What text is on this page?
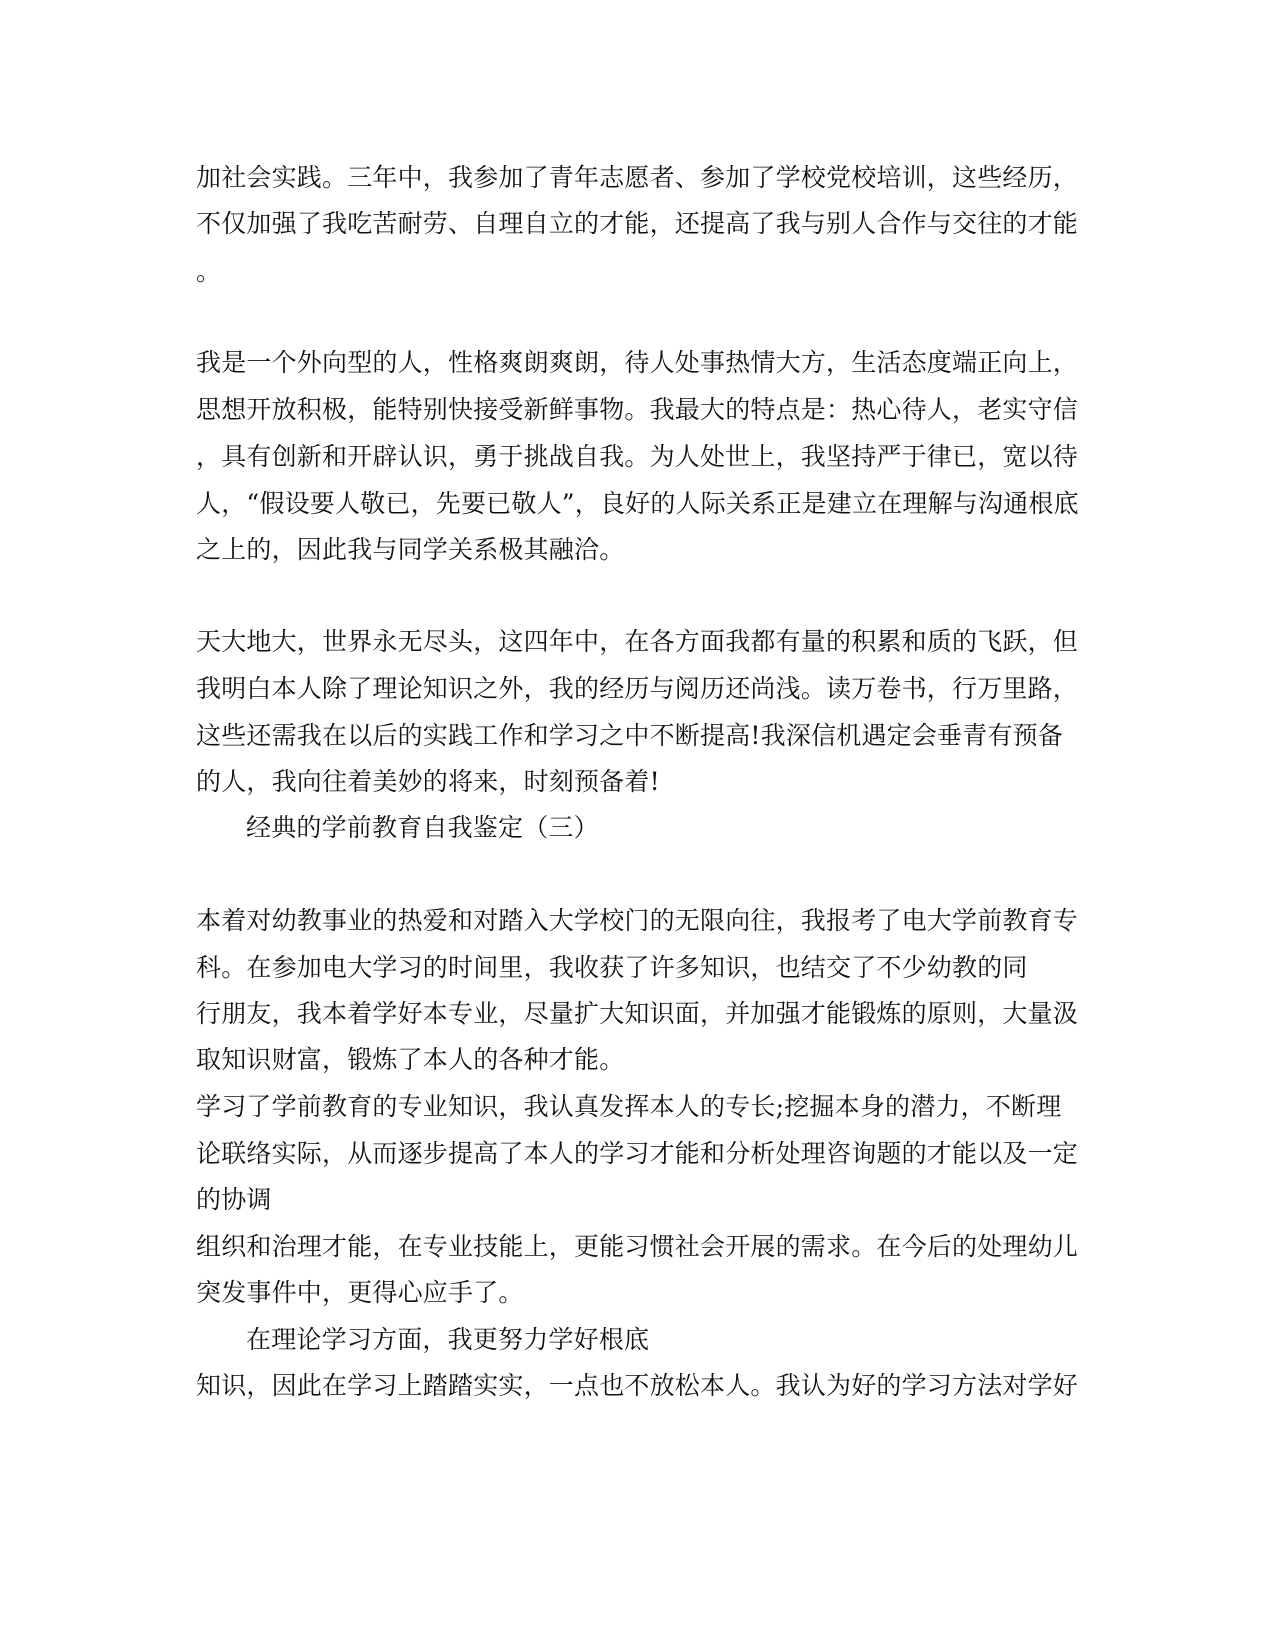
加社会实践。三年中，我参加了青年志愿者、参加了学校党校培训，这些经历，
不仅加强了我吃苦耐劳、自理自立的才能，还提高了我与别人合作与交往的才能
。
我是一个外向型的人，性格爽朗爽朗，待人处事热情大方，生活态度端正向上，
思想开放积极，能特别快接受新鲜事物。我最大的特点是：热心待人，老实守信
，具有创新和开辟认识，勇于挑战自我。为人处世上，我坚持严于律已，宽以待
人，“假设要人敬已，先要已敬人”，良好的人际关系正是建立在理解与沟通根底
之上的，因此我与同学关系极其融洽。
天大地大，世界永无尽头，这四年中，在各方面我都有量的积累和质的飞跃，但
我明白本人除了理论知识之外，我的经历与阅历还尚浅。读万卷书，行万里路，
这些还需我在以后的实践工作和学习之中不断提高!我深信机遇定会垂青有预备
的人，我向往着美妙的将来，时刻预备着!
经典的学前教育自我鉴定（三）
本着对幼教事业的热爱和对踏入大学校门的无限向往，我报考了电大学前教育专
科。在参加电大学习的时间里，我收获了许多知识，也结交了不少幼教的同
行朋友，我本着学好本专业，尽量扩大知识面，并加强才能锻炼的原则，大量汲
取知识财富，锻炼了本人的各种才能。
学习了学前教育的专业知识，我认真发挥本人的专长;挖掘本身的潜力，不断理
论联络实际，从而逐步提高了本人的学习才能和分析处理咨询题的才能以及一定
的协调
组织和治理才能，在专业技能上，更能习惯社会开展的需求。在今后的处理幼儿
突发事件中，更得心应手了。
在理论学习方面，我更努力学好根底
知识，因此在学习上踏踏实实，一点也不放松本人。我认为好的学习方法对学好
